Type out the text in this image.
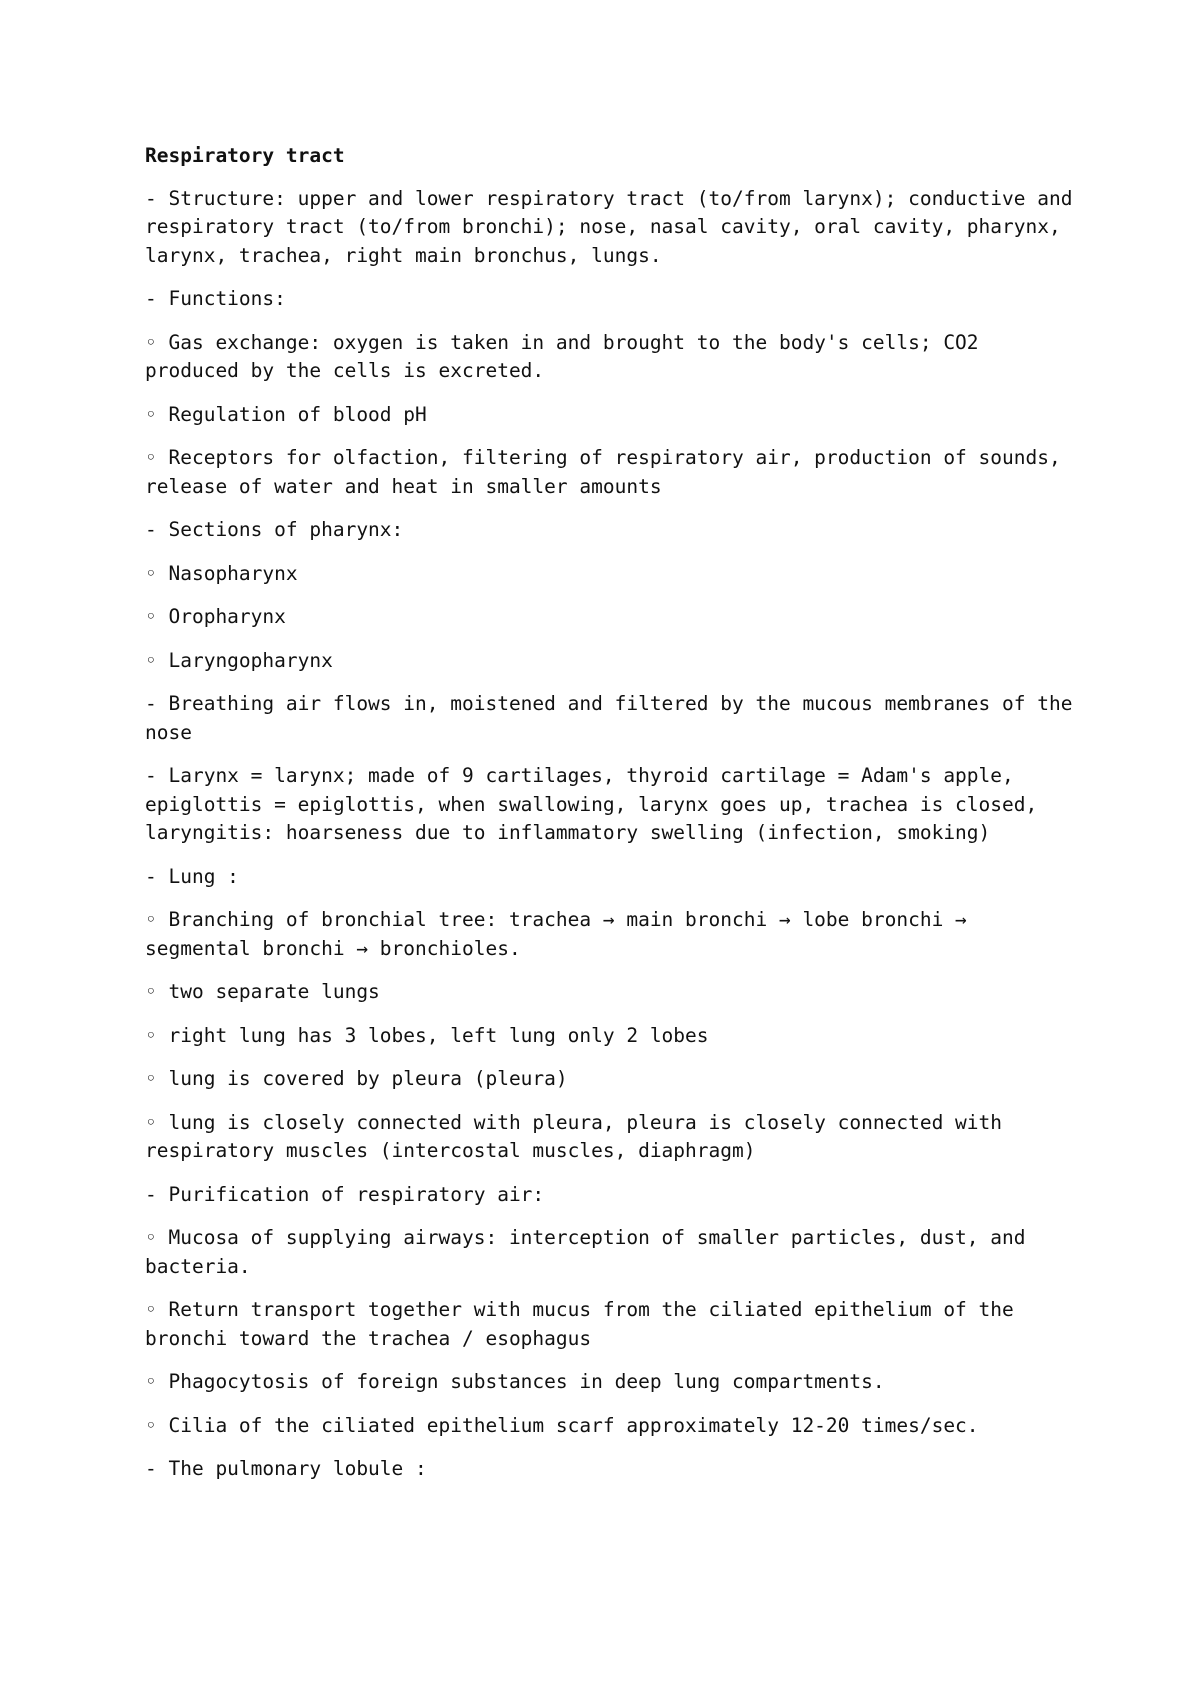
Respiratory tract
- Structure: upper and lower respiratory tract (to/from larynx); conductive and respiratory tract (to/from bronchi); nose, nasal cavity, oral cavity, pharynx, larynx, trachea, right main bronchus, lungs.
- Functions:
◦ Gas exchange: oxygen is taken in and brought to the body's cells; CO2 produced by the cells is excreted.
◦ Regulation of blood pH
◦ Receptors for olfaction, filtering of respiratory air, production of sounds, release of water and heat in smaller amounts
- Sections of pharynx:
◦ Nasopharynx
◦ Oropharynx
◦ Laryngopharynx
- Breathing air flows in, moistened and filtered by the mucous membranes of the nose
- Larynx = larynx; made of 9 cartilages, thyroid cartilage = Adam's apple, epiglottis = epiglottis, when swallowing, larynx goes up, trachea is closed, laryngitis: hoarseness due to inflammatory swelling (infection, smoking)
- Lung :
◦ Branching of bronchial tree: trachea → main bronchi → lobe bronchi → segmental bronchi → bronchioles.
◦ two separate lungs
◦ right lung has 3 lobes, left lung only 2 lobes
◦ lung is covered by pleura (pleura)
◦ lung is closely connected with pleura, pleura is closely connected with respiratory muscles (intercostal muscles, diaphragm)
- Purification of respiratory air:
◦ Mucosa of supplying airways: interception of smaller particles, dust, and bacteria.
◦ Return transport together with mucus from the ciliated epithelium of the bronchi toward the trachea / esophagus
◦ Phagocytosis of foreign substances in deep lung compartments.
◦ Cilia of the ciliated epithelium scarf approximately 12-20 times/sec.
- The pulmonary lobule :
